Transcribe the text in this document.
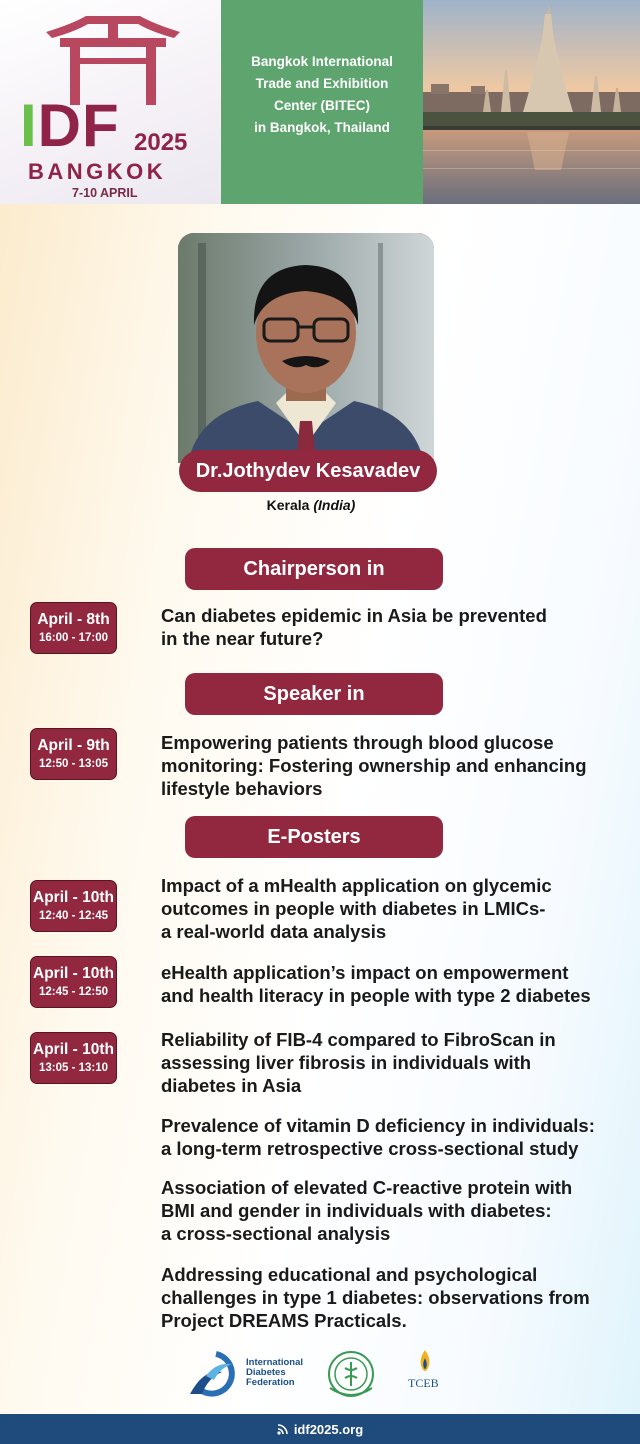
IDF 2025
BANGKOK
7-10 APRIL
Bangkok International
Trade and Exhibition
Center (BITEC)
in Bangkok, Thailand
Dr.Jothydev Kesavadev
Kerala (India)
Chairperson in
April - 8th
16:00 - 17:00
Can diabetes epidemic in Asia be prevented
in the near future?
Speaker in
April - 9th
12:50 - 13:05
Empowering patients through blood glucose
monitoring: Fostering ownership and enhancing
lifestyle behaviors
E-Posters
April - 10th
12:40 - 12:45
Impact of a mHealth application on glycemic
outcomes in people with diabetes in LMICs-
a real-world data analysis
April - 10th
12:45 - 12:50
eHealth application’s impact on empowerment
and health literacy in people with type 2 diabetes
April - 10th
13:05 - 13:10
Reliability of FIB-4 compared to FibroScan in
assessing liver fibrosis in individuals with
diabetes in Asia
Prevalence of vitamin D deficiency in individuals:
a long-term retrospective cross-sectional study
Association of elevated C-reactive protein with
BMI and gender in individuals with diabetes:
a cross-sectional analysis
Addressing educational and psychological
challenges in type 1 diabetes: observations from
Project DREAMS Practicals.
International
Diabetes
Federation	TCEB
idf2025.org
